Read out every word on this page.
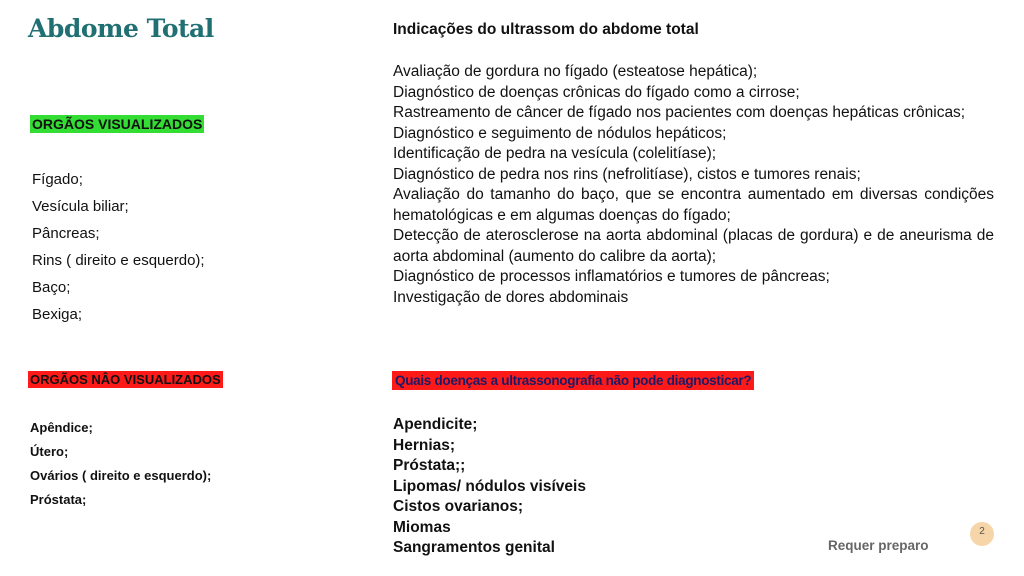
Abdome Total
ORGÃOS VISUALIZADOS
Fígado;
Vesícula biliar;
Pâncreas;
Rins ( direito e esquerdo);
Baço;
Bexiga;
ORGÃOS NÂO VISUALIZADOS
Apêndice;
Útero;
Ovários ( direito e esquerdo);
Próstata;
Indicações do ultrassom do abdome total
Avaliação de gordura no fígado (esteatose hepática);
Diagnóstico de doenças crônicas do fígado como a cirrose;
Rastreamento de câncer de fígado nos pacientes com doenças hepáticas crônicas;
Diagnóstico e seguimento de nódulos hepáticos;
Identificação de pedra na vesícula (colelitíase);
Diagnóstico de pedra nos rins (nefrolitíase), cistos e tumores renais;
Avaliação do tamanho do baço, que se encontra aumentado em diversas condições hematológicas e em algumas doenças do fígado;
Detecção de aterosclerose na aorta abdominal (placas de gordura) e de aneurisma de aorta abdominal (aumento do calibre da aorta);
Diagnóstico de processos inflamatórios e tumores de pâncreas;
Investigação de dores abdominais
Quais doenças a ultrassonografia não pode diagnosticar?
Apendicite;
Hernias;
Próstata;;
Lipomas/ nódulos visíveis
Cistos ovarianos;
Miomas
Sangramentos genital	Requer preparo
2
